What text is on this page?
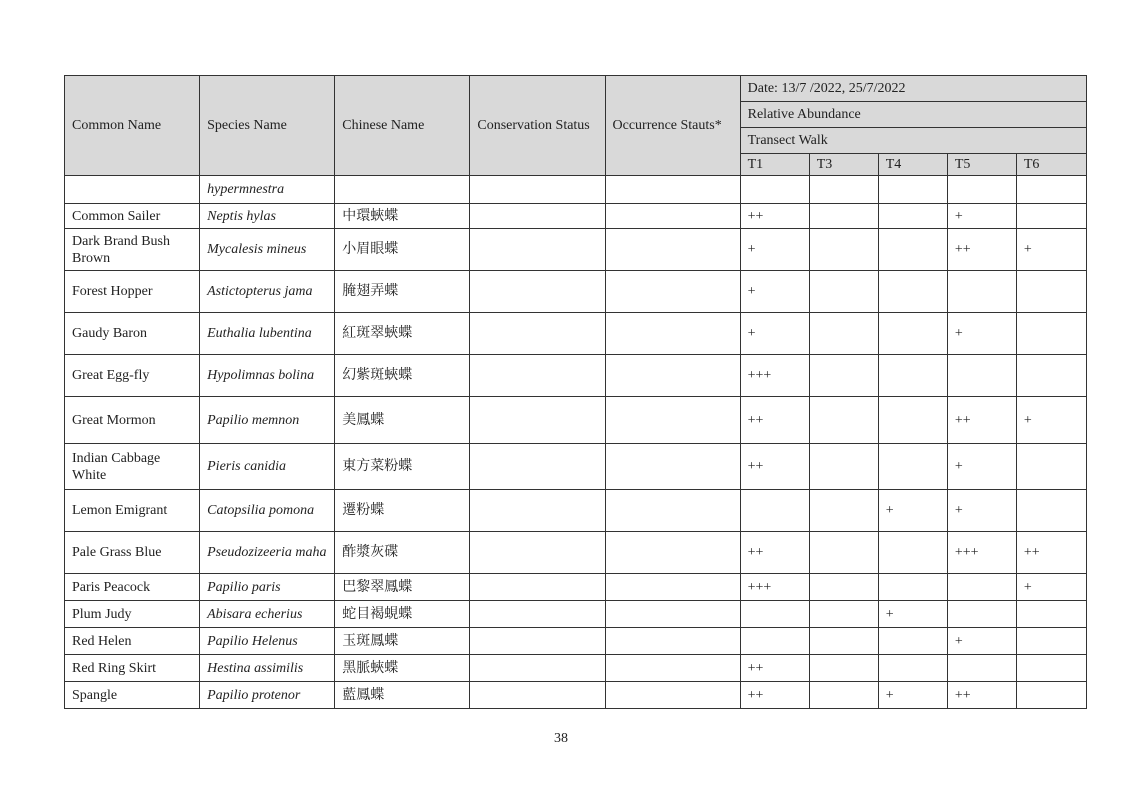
Common Name	Species Name	Chinese Name	Conservation Status	Occurrence Stauts*	Date: 13/7 /2022, 25/7/2022				
					Relative Abundance				
					Transect Walk				
					T1	T3	T4	T5	T6
	hypermnestra								
Common Sailer	Neptis hylas	中環蛺蝶			++			+	
Dark Brand Bush Brown	Mycalesis mineus	小眉眼蝶			+			++	+
Forest Hopper	Astictopterus jama	腌翅弄蝶			+				
Gaudy Baron	Euthalia lubentina	紅斑翠蛺蝶			+			+	
Great Egg-fly	Hypolimnas bolina	幻紫斑蛺蝶			+++				
Great Mormon	Papilio memnon	美鳳蝶			++			++	+
Indian Cabbage White	Pieris canidia	東方菜粉蝶			++			+	
Lemon Emigrant	Catopsilia pomona	遷粉蝶					+	+	
Pale Grass Blue	Pseudozizeeria maha	酢漿灰碟			++			+++	++
Paris Peacock	Papilio paris	巴黎翠鳳蝶			+++				+
Plum Judy	Abisara echerius	蛇目褐蜆蝶					+		
Red Helen	Papilio Helenus	玉斑鳳蝶						+	
Red Ring Skirt	Hestina assimilis	黑脈蛺蝶			++				
Spangle	Papilio protenor	藍鳳蝶			++		+	++	
38
